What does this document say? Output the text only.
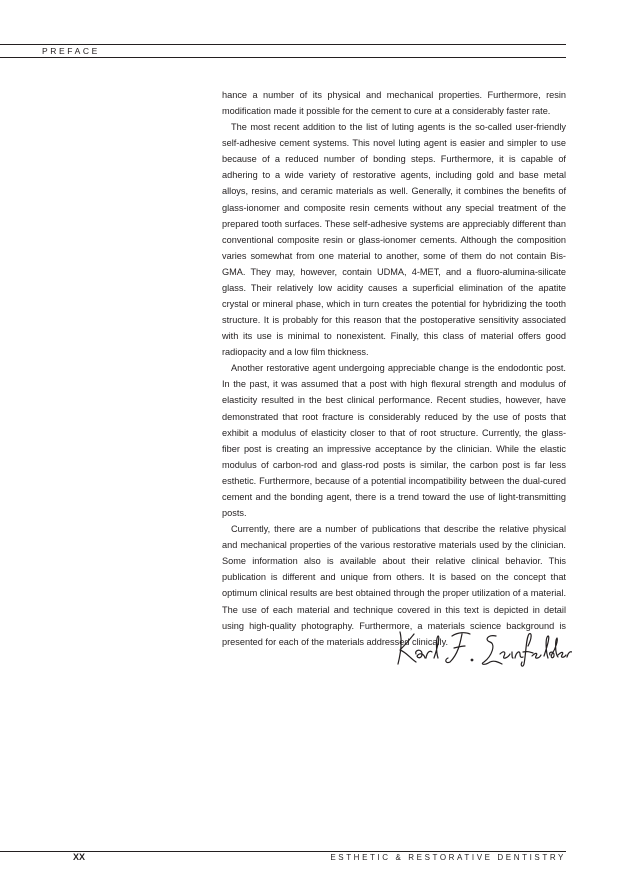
PREFACE

hance a number of its physical and mechanical properties. Furthermore, resin modification made it possible for the cement to cure at a considerably faster rate.

The most recent addition to the list of luting agents is the so-called user-friendly self-adhesive cement systems. This novel luting agent is easier and simpler to use because of a reduced number of bonding steps. Furthermore, it is capable of adhering to a wide variety of restorative agents, including gold and base metal alloys, resins, and ceramic materials as well. Generally, it combines the benefits of glass-ionomer and composite resin cements without any special treatment of the prepared tooth surfaces. These self-adhesive systems are appreciably different than conventional composite resin or glass-ionomer cements. Although the composition varies somewhat from one material to another, some of them do not contain Bis-GMA. They may, however, contain UDMA, 4-MET, and a fluoro-alumina-silicate glass. Their relatively low acidity causes a superficial elimination of the apatite crystal or mineral phase, which in turn creates the potential for hybridizing the tooth structure. It is probably for this reason that the postoperative sensitivity associated with its use is minimal to nonexistent. Finally, this class of material offers good radiopacity and a low film thickness.

Another restorative agent undergoing appreciable change is the endodontic post. In the past, it was assumed that a post with high flexural strength and modulus of elasticity resulted in the best clinical performance. Recent studies, however, have demonstrated that root fracture is considerably reduced by the use of posts that exhibit a modulus of elasticity closer to that of root structure. Currently, the glass-fiber post is creating an impressive acceptance by the clinician. While the elastic modulus of carbon-rod and glass-rod posts is similar, the carbon post is far less esthetic. Furthermore, because of a potential incompatibility between the dual-cured cement and the bonding agent, there is a trend toward the use of light-transmitting posts.

Currently, there are a number of publications that describe the relative physical and mechanical properties of the various restorative materials used by the clinician. Some information also is available about their relative clinical behavior. This publication is different and unique from others. It is based on the concept that optimum clinical results are best obtained through the proper utilization of a material. The use of each material and technique covered in this text is depicted in detail using high-quality photography. Furthermore, a materials science background is presented for each of the materials addressed clinically.

XX	ESTHETIC & RESTORATIVE DENTISTRY
